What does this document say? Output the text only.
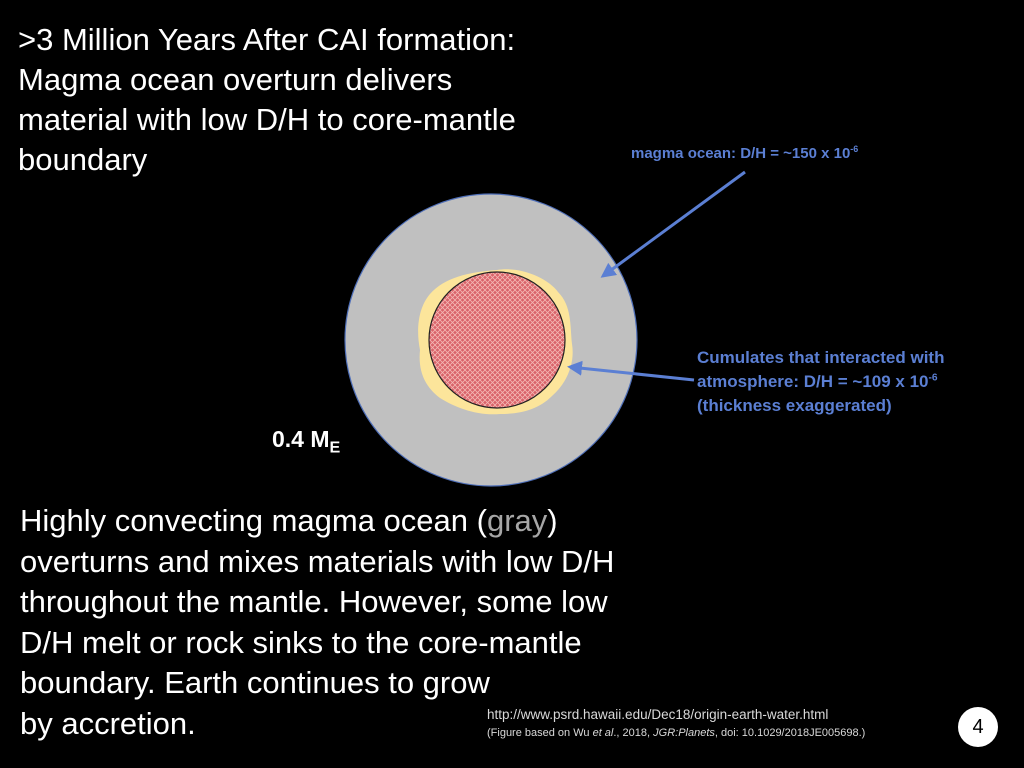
>3 Million Years After CAI formation:
Magma ocean overturn delivers
material with low D/H to core-mantle
boundary	magma ocean: D/H = ~150 x $10^{-6}$
Cumulates that interacted with
atmosphere: D/H = ~109 x $10^{-6}$
(thickness exaggerated)
0.4 $M_E$
Highly convecting magma ocean (gray)
overturns and mixes materials with low D/H
throughout the mantle. However, some low
D/H melt or rock sinks to the core-mantle
boundary. Earth continues to grow
by accretion.	http://www.psrd.hawaii.edu/Dec18/origin-earth-water.html
(Figure based on Wu et al., 2018, JGR:Planets, doi: 10.1029/2018JE005698.)	4
